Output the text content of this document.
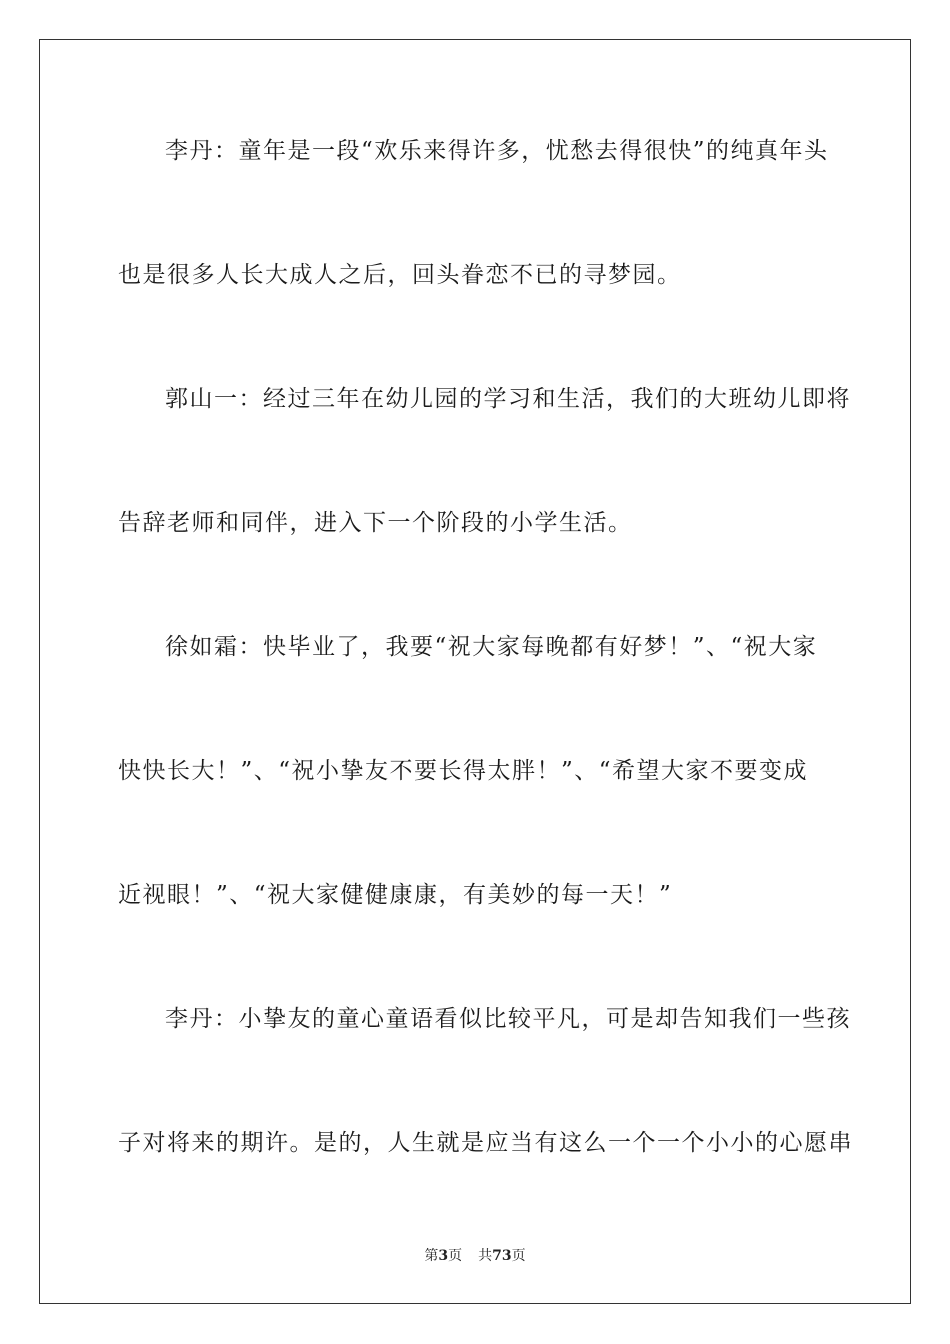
李丹：童年是一段“欢乐来得许多，忧愁去得很快”的纯真年头
也是很多人长大成人之后，回头眷恋不已的寻梦园。
郭山一：经过三年在幼儿园的学习和生活，我们的大班幼儿即将
告辞老师和同伴，进入下一个阶段的小学生活。
徐如霜：快毕业了，我要“祝大家每晚都有好梦！”、“祝大家
快快长大！”、“祝小挚友不要长得太胖！”、“希望大家不要变成
近视眼！”、“祝大家健健康康，有美妙的每一天！”
李丹：小挚友的童心童语看似比较平凡，可是却告知我们一些孩
子对将来的期许。是的，人生就是应当有这么一个一个小小的心愿串
第3页 共73页
